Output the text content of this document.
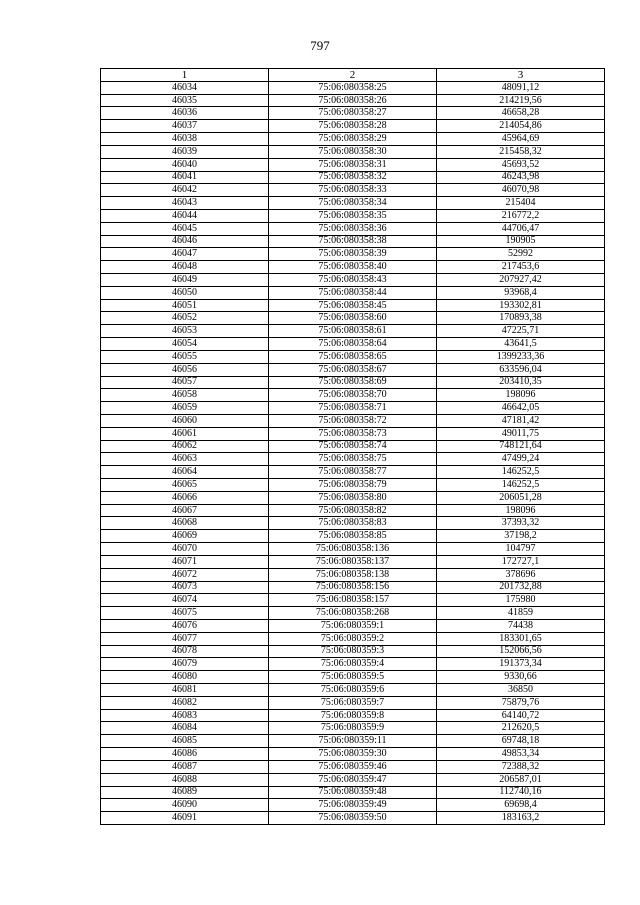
797
1	2	3
46034	75:06:080358:25	48091,12
46035	75:06:080358:26	214219,56
46036	75:06:080358:27	46658,28
46037	75:06:080358:28	214054,86
46038	75:06:080358:29	45964,69
46039	75:06:080358:30	215458,32
46040	75:06:080358:31	45693,52
46041	75:06:080358:32	46243,98
46042	75:06:080358:33	46070,98
46043	75:06:080358:34	215404
46044	75:06:080358:35	216772,2
46045	75:06:080358:36	44706,47
46046	75:06:080358:38	190905
46047	75:06:080358:39	52992
46048	75:06:080358:40	217453,6
46049	75:06:080358:43	207927,42
46050	75:06:080358:44	93968,4
46051	75:06:080358:45	193302,81
46052	75:06:080358:60	170893,38
46053	75:06:080358:61	47225,71
46054	75:06:080358:64	43641,5
46055	75:06:080358:65	1399233,36
46056	75:06:080358:67	633596,04
46057	75:06:080358:69	203410,35
46058	75:06:080358:70	198096
46059	75:06:080358:71	46642,05
46060	75:06:080358:72	47181,42
46061	75:06:080358:73	49011,75
46062	75:06:080358:74	748121,64
46063	75:06:080358:75	47499,24
46064	75:06:080358:77	146252,5
46065	75:06:080358:79	146252,5
46066	75:06:080358:80	206051,28
46067	75:06:080358:82	198096
46068	75:06:080358:83	37393,32
46069	75:06:080358:85	37198,2
46070	75:06:080358:136	104797
46071	75:06:080358:137	172727,1
46072	75:06:080358:138	378696
46073	75:06:080358:156	201732,88
46074	75:06:080358:157	175980
46075	75:06:080358:268	41859
46076	75:06:080359:1	74438
46077	75:06:080359:2	183301,65
46078	75:06:080359:3	152066,56
46079	75:06:080359:4	191373,34
46080	75:06:080359:5	9330,66
46081	75:06:080359:6	36850
46082	75:06:080359:7	75879,76
46083	75:06:080359:8	64140,72
46084	75:06:080359:9	212620,5
46085	75:06:080359:11	69748,18
46086	75:06:080359:30	49853,34
46087	75:06:080359:46	72388,32
46088	75:06:080359:47	206587,01
46089	75:06:080359:48	112740,16
46090	75:06:080359:49	69698,4
46091	75:06:080359:50	183163,2
